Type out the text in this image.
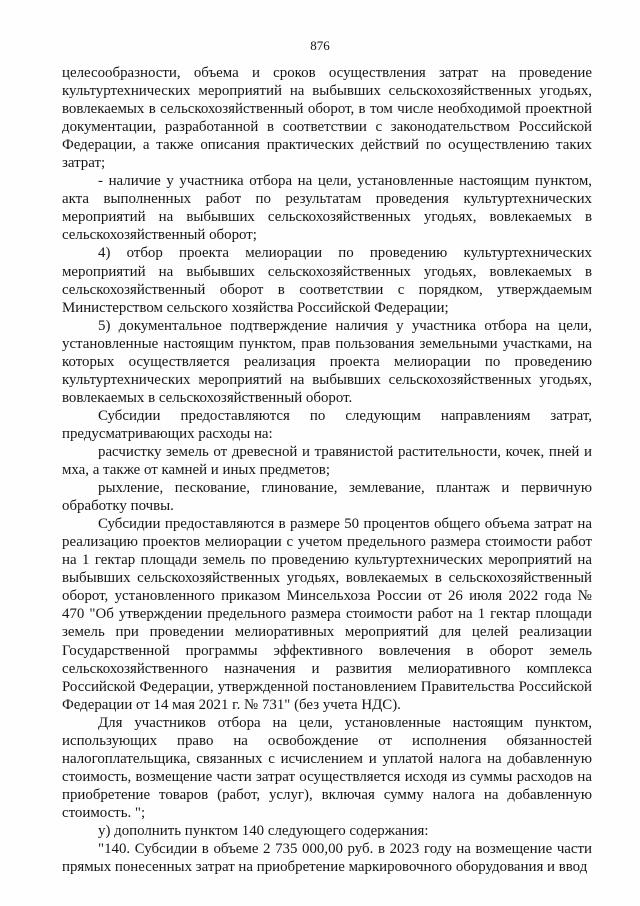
876

целесообразности, объема и сроков осуществления затрат на проведение культуртехнических мероприятий на выбывших сельскохозяйственных угодьях, вовлекаемых в сельскохозяйственный оборот, в том числе необходимой проектной документации, разработанной в соответствии с законодательством Российской Федерации, а также описания практических действий по осуществлению таких затрат;

- наличие у участника отбора на цели, установленные настоящим пунктом, акта выполненных работ по результатам проведения культуртехнических мероприятий на выбывших сельскохозяйственных угодьях, вовлекаемых в сельскохозяйственный оборот;

4) отбор проекта мелиорации по проведению культуртехнических мероприятий на выбывших сельскохозяйственных угодьях, вовлекаемых в сельскохозяйственный оборот в соответствии с порядком, утверждаемым Министерством сельского хозяйства Российской Федерации;

5) документальное подтверждение наличия у участника отбора на цели, установленные настоящим пунктом, прав пользования земельными участками, на которых осуществляется реализация проекта мелиорации по проведению культуртехнических мероприятий на выбывших сельскохозяйственных угодьях, вовлекаемых в сельскохозяйственный оборот.

Субсидии предоставляются по следующим направлениям затрат, предусматривающих расходы на:

расчистку земель от древесной и травянистой растительности, кочек, пней и мха, а также от камней и иных предметов;

рыхление, пескование, глинование, землевание, плантаж и первичную обработку почвы.

Субсидии предоставляются в размере 50 процентов общего объема затрат на реализацию проектов мелиорации с учетом предельного размера стоимости работ на 1 гектар площади земель по проведению культуртехнических мероприятий на выбывших сельскохозяйственных угодьях, вовлекаемых в сельскохозяйственный оборот, установленного приказом Минсельхоза России от 26 июля 2022 года № 470 "Об утверждении предельного размера стоимости работ на 1 гектар площади земель при проведении мелиоративных мероприятий для целей реализации Государственной программы эффективного вовлечения в оборот земель сельскохозяйственного назначения и развития мелиоративного комплекса Российской Федерации, утвержденной постановлением Правительства Российской Федерации от 14 мая 2021 г. № 731" (без учета НДС).

Для участников отбора на цели, установленные настоящим пунктом, использующих право на освобождение от исполнения обязанностей налогоплательщика, связанных с исчислением и уплатой налога на добавленную стоимость, возмещение части затрат осуществляется исходя из суммы расходов на приобретение товаров (работ, услуг), включая сумму налога на добавленную стоимость. ";

у) дополнить пунктом 140 следующего содержания:

"140. Субсидии в объеме 2 735 000,00 руб. в 2023 году на возмещение части прямых понесенных затрат на приобретение маркировочного оборудования и ввод
